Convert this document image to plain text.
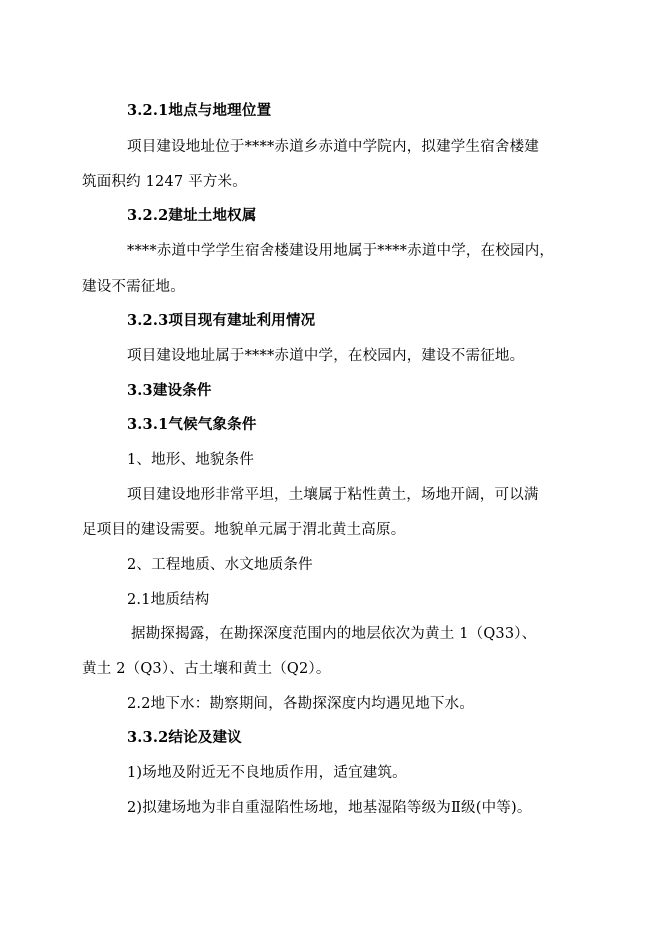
3.2.1地点与地理位置
项目建设地址位于****赤道乡赤道中学院内，拟建学生宿舍楼建
筑面积约 1247 平方米。
3.2.2建址土地权属
****赤道中学学生宿舍楼建设用地属于****赤道中学，在校园内，
建设不需征地。
3.2.3项目现有建址利用情况
项目建设地址属于****赤道中学，在校园内，建设不需征地。
3.3建设条件
3.3.1气候气象条件
1、地形、地貌条件
项目建设地形非常平坦，土壤属于粘性黄土，场地开阔，可以满
足项目的建设需要。地貌单元属于渭北黄土高原。
2、工程地质、水文地质条件
2.1地质结构
据勘探揭露，在勘探深度范围内的地层依次为黄土 1（Q33）、
黄土 2（Q3）、古土壤和黄土（Q2）。
2.2地下水：勘察期间，各勘探深度内均遇见地下水。
3.3.2结论及建议
1)场地及附近无不良地质作用，适宜建筑。
2)拟建场地为非自重湿陷性场地，地基湿陷等级为Ⅱ级(中等)。
